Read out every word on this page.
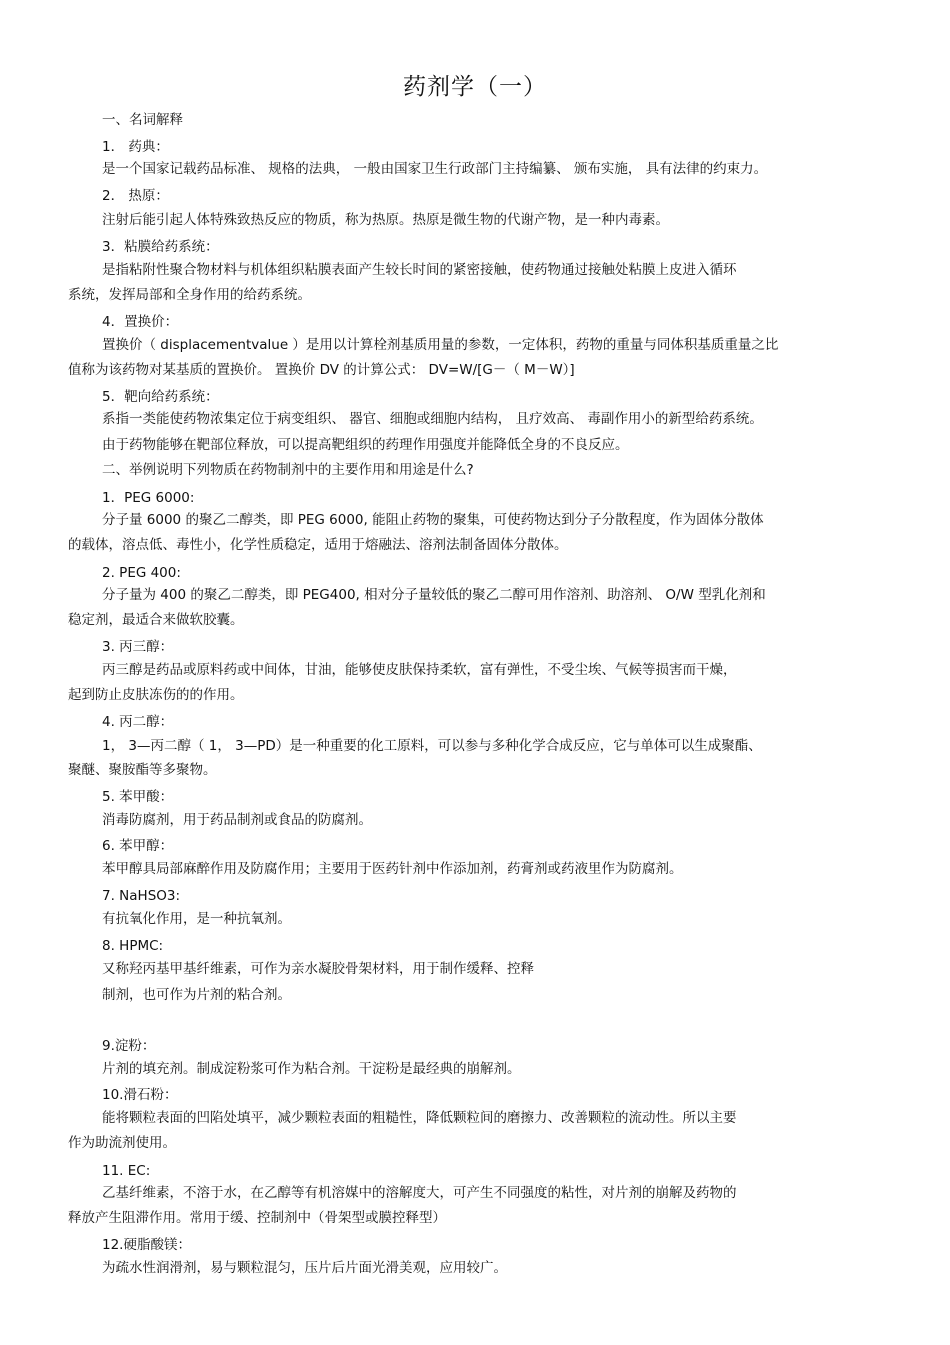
药剂学（一）
一、名词解释
1． 药典：
是一个国家记载药品标准、 规格的法典， 一般由国家卫生行政部门主持编纂、 颁布实施， 具有法律的约束力。
2． 热原：
注射后能引起人体特殊致热反应的物质，称为热原。热原是微生物的代谢产物，是一种内毒素。
3．粘膜给药系统：
是指粘附性聚合物材料与机体组织粘膜表面产生较长时间的紧密接触，使药物通过接触处粘膜上皮进入循环
系统，发挥局部和全身作用的给药系统。
4．置换价：
置换价（ displacementvalue ）是用以计算栓剂基质用量的参数，一定体积，药物的重量与同体积基质重量之比
值称为该药物对某基质的置换价。 置换价 DV 的计算公式： DV=W/[G－（ M－W）]
5．靶向给药系统：
系指一类能使药物浓集定位于病变组织、 器官、细胞或细胞内结构， 且疗效高、 毒副作用小的新型给药系统。
由于药物能够在靶部位释放，可以提高靶组织的药理作用强度并能降低全身的不良反应。
二、举例说明下列物质在药物制剂中的主要作用和用途是什么?
1．PEG 6000:
分子量 6000 的聚乙二醇类，即 PEG 6000, 能阻止药物的聚集，可使药物达到分子分散程度，作为固体分散体
的载体，溶点低、毒性小，化学性质稳定，适用于熔融法、溶剂法制备固体分散体。
2. PEG 400:
分子量为 400 的聚乙二醇类，即 PEG400, 相对分子量较低的聚乙二醇可用作溶剂、助溶剂、 O/W 型乳化剂和
稳定剂，最适合来做软胶囊。
3. 丙三醇：
丙三醇是药品或原料药或中间体，甘油，能够使皮肤保持柔软，富有弹性，不受尘埃、气候等损害而干燥，
起到防止皮肤冻伤的的作用。
4. 丙二醇：
1， 3—丙二醇（ 1， 3—PD）是一种重要的化工原料，可以参与多种化学合成反应，它与单体可以生成聚酯、
聚醚、聚胺酯等多聚物。
5. 苯甲酸：
消毒防腐剂，用于药品制剂或食品的防腐剂。
6. 苯甲醇：
苯甲醇具局部麻醉作用及防腐作用；主要用于医药针剂中作添加剂，药膏剂或药液里作为防腐剂。
7. NaHSO3:
有抗氧化作用，是一种抗氧剂。
8. HPMC:
又称羟丙基甲基纤维素，可作为亲水凝胶骨架材料，用于制作缓释、控释
制剂，也可作为片剂的粘合剂。
9.淀粉：
片剂的填充剂。制成淀粉浆可作为粘合剂。干淀粉是最经典的崩解剂。
10.滑石粉：
能将颗粒表面的凹陷处填平，减少颗粒表面的粗糙性，降低颗粒间的磨擦力、改善颗粒的流动性。所以主要
作为助流剂使用。
11. EC:
乙基纤维素，不溶于水，在乙醇等有机溶媒中的溶解度大，可产生不同强度的粘性，对片剂的崩解及药物的
释放产生阻滞作用。常用于缓、控制剂中（骨架型或膜控释型）
12.硬脂酸镁：
为疏水性润滑剂，易与颗粒混匀，压片后片面光滑美观，应用较广。
